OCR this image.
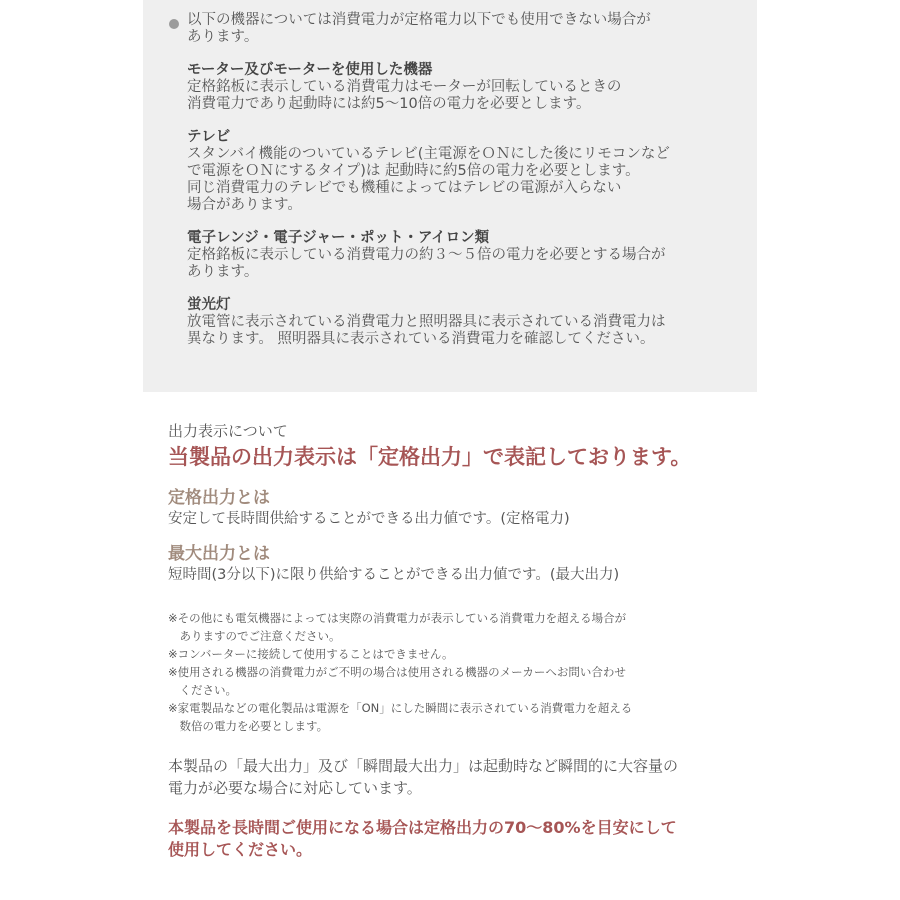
以下の機器については消費電力が定格電力以下でも使用できない場合が
あります。

モーター及びモーターを使用した機器

定格銘板に表示している消費電力はモーターが回転しているときの
消費電力であり起動時には約5～10倍の電力を必要とします。

テレビ

スタンバイ機能のついているテレビ(主電源をＯＮにした後にリモコンなど
で電源をＯＮにするタイプ)は 起動時に約5倍の電力を必要とします。
同じ消費電力のテレビでも機種によってはテレビの電源が入らない
場合があります。

電子レンジ・電子ジャー・ポット・アイロン類

定格銘板に表示している消費電力の約３～５倍の電力を必要とする場合が
あります。

蛍光灯

放電管に表示されている消費電力と照明器具に表示されている消費電力は
異なります。 照明器具に表示されている消費電力を確認してください。

出力表示について
当製品の出力表示は「定格出力」で表記しております。
定格出力とは
安定して長時間供給することができる出力値です。(定格電力)
最大出力とは
短時間(3分以下)に限り供給することができる出力値です。(最大出力)

※その他にも電気機器によっては実際の消費電力が表示している消費電力を超える場合が

　ありますのでご注意ください。

※コンバーターに接続して使用することはできません。

※使用される機器の消費電力がご不明の場合は使用される機器のメーカーへお問い合わせ

　ください。

※家電製品などの電化製品は電源を「ON」にした瞬間に表示されている消費電力を超える

　数倍の電力を必要とします。

本製品の「最大出力」及び「瞬間最大出力」は起動時など瞬間的に大容量の
電力が必要な場合に対応しています。
本製品を長時間ご使用になる場合は定格出力の70～80%を目安にして
使用してください。
